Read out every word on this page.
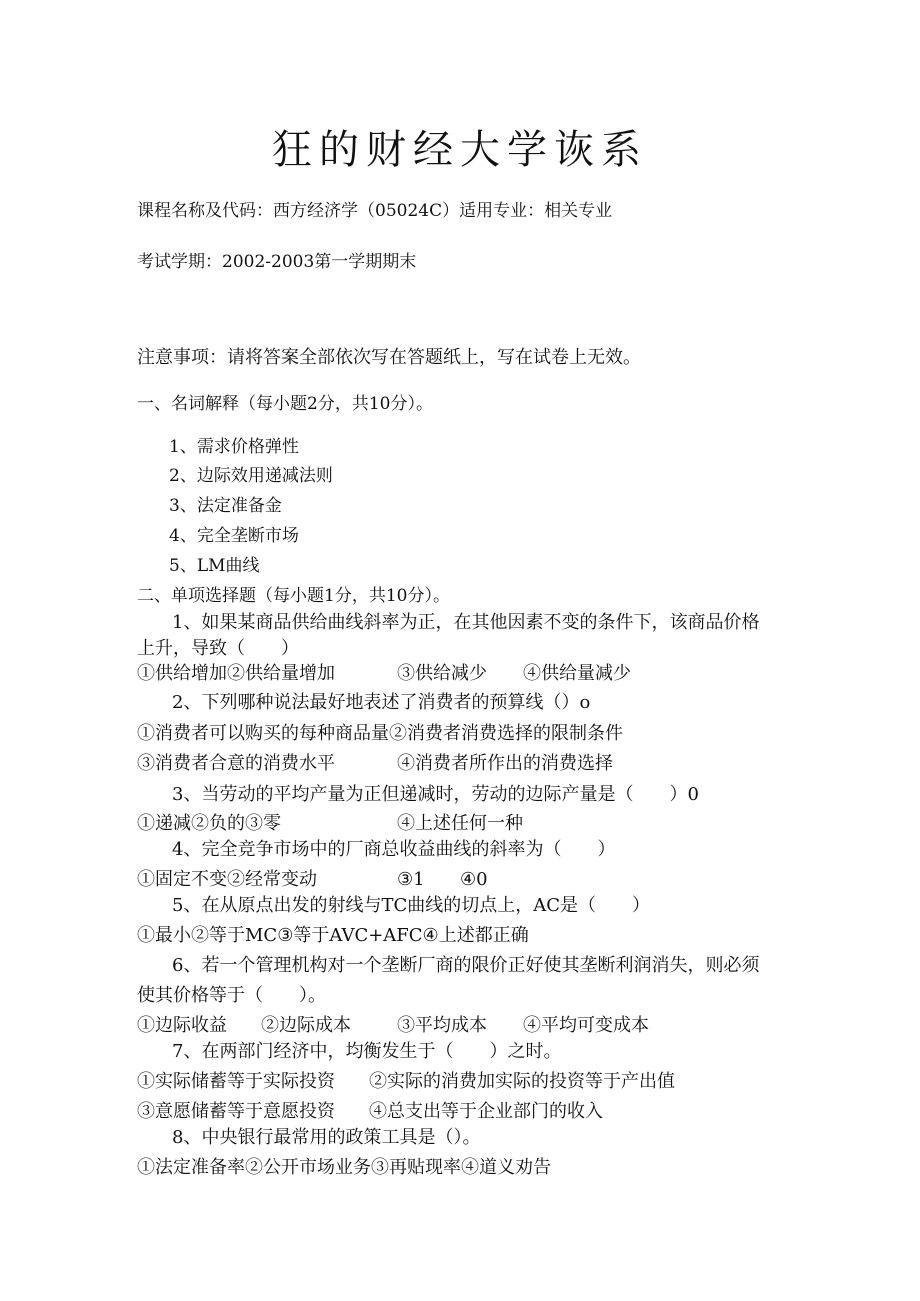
狂的财经大学诙系
课程名称及代码：西方经济学（05024C）适用专业：相关专业
考试学期：2002-2003第一学期期末
注意事项：请将答案全部依次写在答题纸上，写在试卷上无效。
一、名词解释（每小题2分，共10分）。
1、需求价格弹性
2、边际效用递减法则
3、法定准备金
4、完全垄断市场
5、LM曲线
二、单项选择题（每小题1分，共10分）。
1、如果某商品供给曲线斜率为正，在其他因素不变的条件下，该商品价格
上升，导致（　　）
①供给增加②供给量增加	③供给减少 ④供给量减少
2、下列哪种说法最好地表述了消费者的预算线（）o
①消费者可以购买的每种商品量②消费者消费选择的限制条件
③消费者合意的消费水平	④消费者所作出的消费选择
3、当劳动的平均产量为正但递减时，劳动的边际产量是（　　）0
①递减②负的③零	④上述任何一种
4、完全竞争市场中的厂商总收益曲线的斜率为（　　）
①固定不变②经常变动	③1 ④0
5、在从原点出发的射线与TC曲线的切点上，AC是（　　）
①最小②等于MC③等于AVC+AFC④上述都正确
6、若一个管理机构对一个垄断厂商的限价正好使其垄断利润消失，则必须
使其价格等于（　　）。
①边际收益 ②边际成本	③平均成本 ④平均可变成本
7、在两部门经济中，均衡发生于（　　）之时。
①实际储蓄等于实际投资 ②实际的消费加实际的投资等于产出值
③意愿储蓄等于意愿投资 ④总支出等于企业部门的收入
8、中央银行最常用的政策工具是（）。
①法定准备率②公开市场业务③再贴现率④道义劝告
